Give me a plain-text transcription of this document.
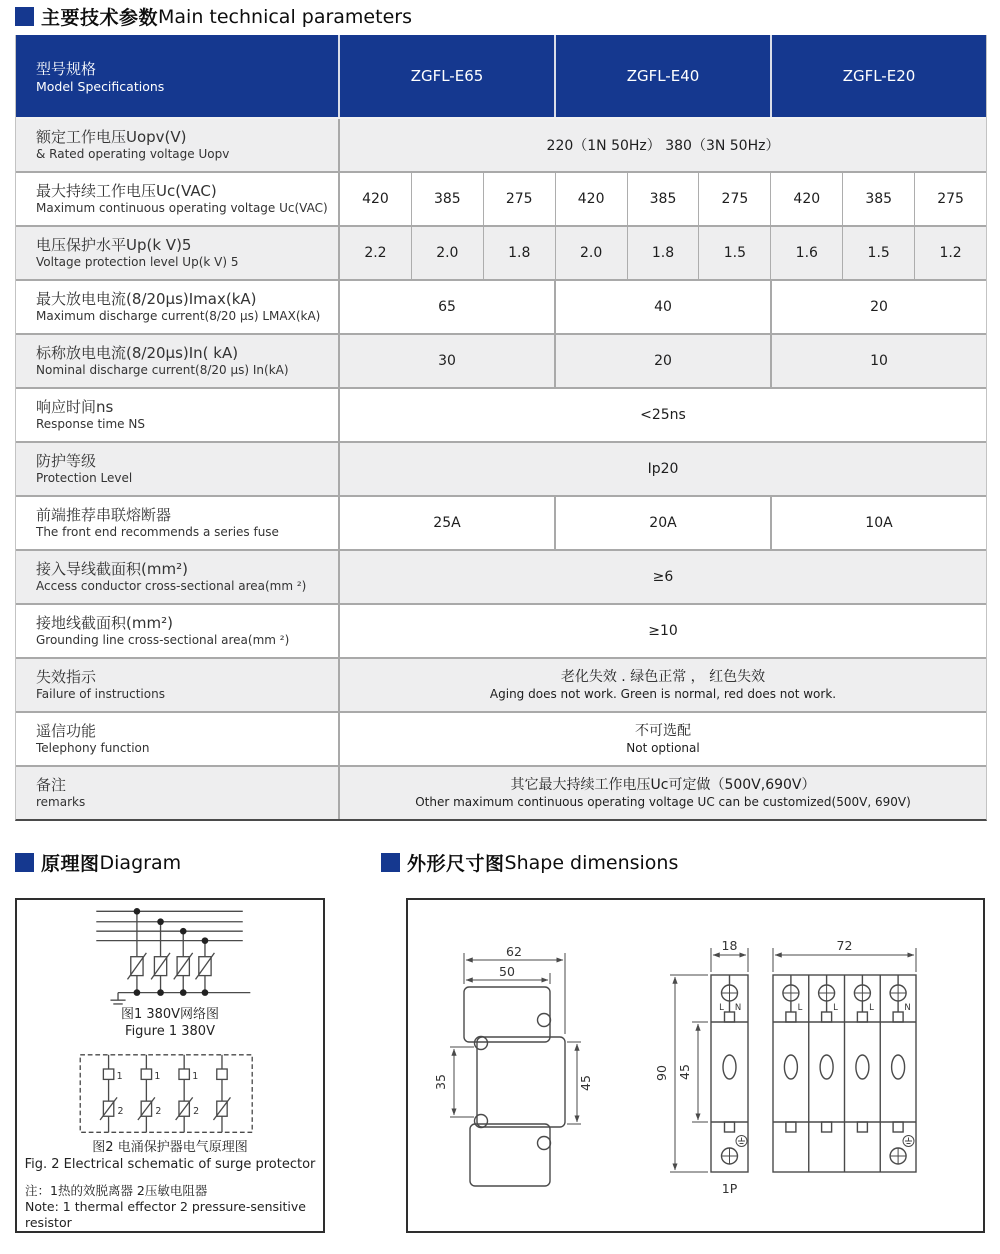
主要技术参数 Main technical parameters
型号规格
Model Specifications
ZGFL-E65	ZGFL-E40	ZGFL-E20
额定工作电压Uopv(V)
& Rated operating voltage Uopv
220（1N 50Hz） 380（3N 50Hz）
最大持续工作电压Uc(VAC)
Maximum continuous operating voltage Uc(VAC)
420	385	275	420	385	275	420	385	275
电压保护水平Up(k V)5
Voltage protection level Up(k V) 5
2.2	2.0	1.8	2.0	1.8	1.5	1.6	1.5	1.2
最大放电电流(8/20μs)Imax(kA)
Maximum discharge current(8/20 μs) LMAX(kA)
65	40	20
标称放电电流(8/20μs)In( kA)
Nominal discharge current(8/20 μs) In(kA)
30	20	10
响应时间ns
Response time NS
<25ns
防护等级
Protection Level
Ip20
前端推荐串联熔断器
The front end recommends a series fuse
25A	20A	10A
接入导线截面积(mm²)
Access conductor cross-sectional area(mm ²)
≥6
接地线截面积(mm²)
Grounding line cross-sectional area(mm ²)
≥10
失效指示
Failure of instructions
老化失效 . 绿色正常 ， 红色失效
Aging does not work. Green is normal, red does not work.
遥信功能
Telephony function
不可选配
Not optional
备注
remarks
其它最大持续工作电压Uc可定做（500V,690V）
Other maximum continuous operating voltage UC can be customized(500V, 690V)
原理图 Diagram	外形尺寸图 Shape dimensions
图1 380V网络图
Figure 1 380V
1	1	1
2	2	2
图2 电涌保护器电气原理图
Fig. 2 Electrical schematic of surge protector
注：1热的效脱离器 2压敏电阻器
Note: 1 thermal effector 2 pressure-sensitive resistor
62
50
35	45
L N
1P
18
90 45
L	L	L	N
72
